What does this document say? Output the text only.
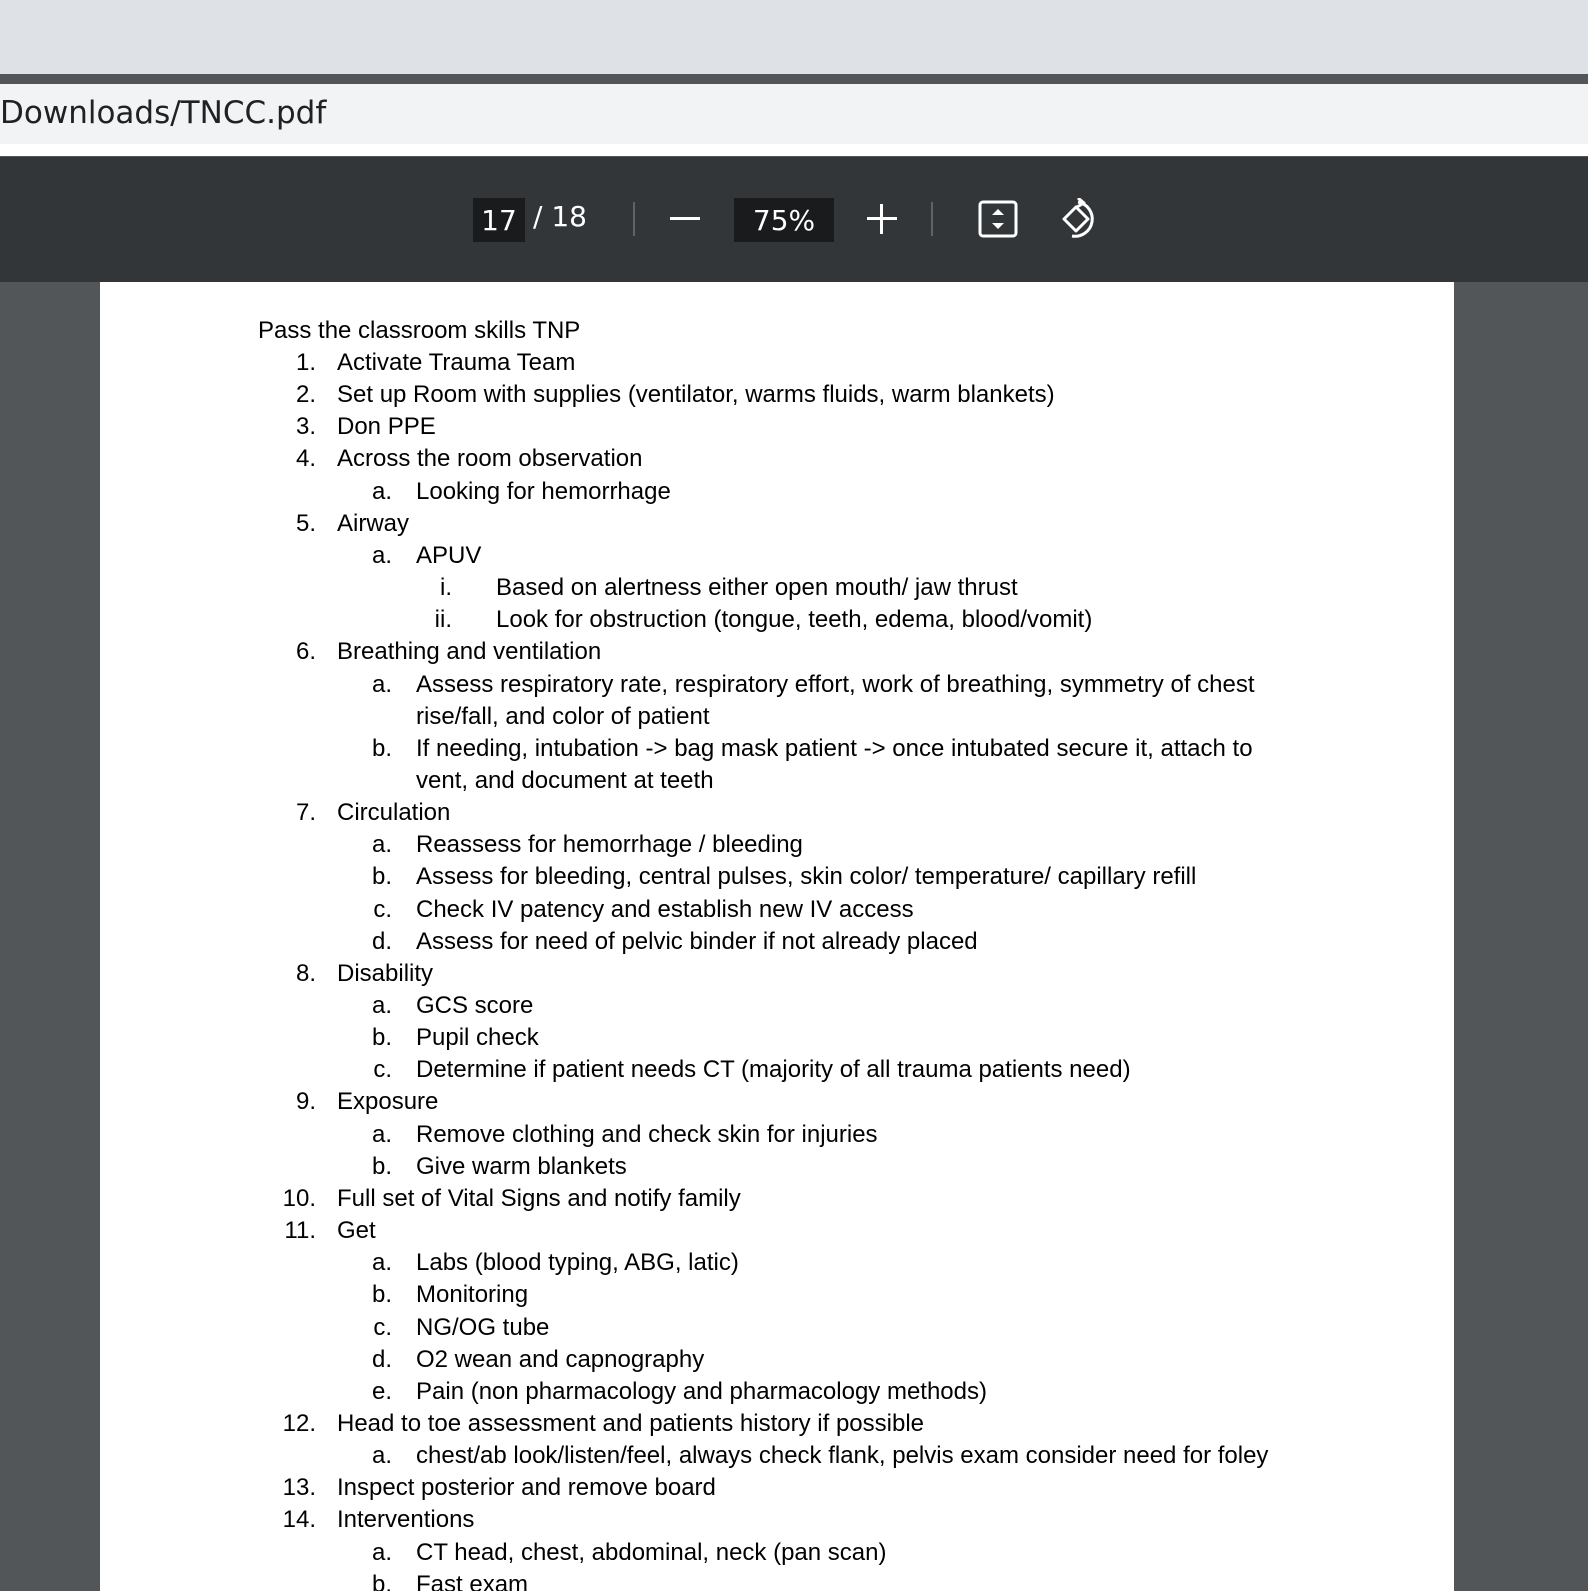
Downloads/TNCC.pdf
17 / 18	75%
Pass the classroom skills TNP
1. Activate Trauma Team
2. Set up Room with supplies (ventilator, warms fluids, warm blankets)
3. Don PPE
4. Across the room observation
a. Looking for hemorrhage
5. Airway
a. APUV
i. Based on alertness either open mouth/ jaw thrust
ii. Look for obstruction (tongue, teeth, edema, blood/vomit)
6. Breathing and ventilation
a. Assess respiratory rate, respiratory effort, work of breathing, symmetry of chest
rise/fall, and color of patient
b. If needing, intubation -> bag mask patient -> once intubated secure it, attach to
vent, and document at teeth
7. Circulation
a. Reassess for hemorrhage / bleeding
b. Assess for bleeding, central pulses, skin color/ temperature/ capillary refill
c. Check IV patency and establish new IV access
d. Assess for need of pelvic binder if not already placed
8. Disability
a. GCS score
b. Pupil check
c. Determine if patient needs CT (majority of all trauma patients need)
9. Exposure
a. Remove clothing and check skin for injuries
b. Give warm blankets
10. Full set of Vital Signs and notify family
11. Get
a. Labs (blood typing, ABG, latic)
b. Monitoring
c. NG/OG tube
d. O2 wean and capnography
e. Pain (non pharmacology and pharmacology methods)
12. Head to toe assessment and patients history if possible
a. chest/ab look/listen/feel, always check flank, pelvis exam consider need for foley
13. Inspect posterior and remove board
14. Interventions
a. CT head, chest, abdominal, neck (pan scan)
b. Fast exam
